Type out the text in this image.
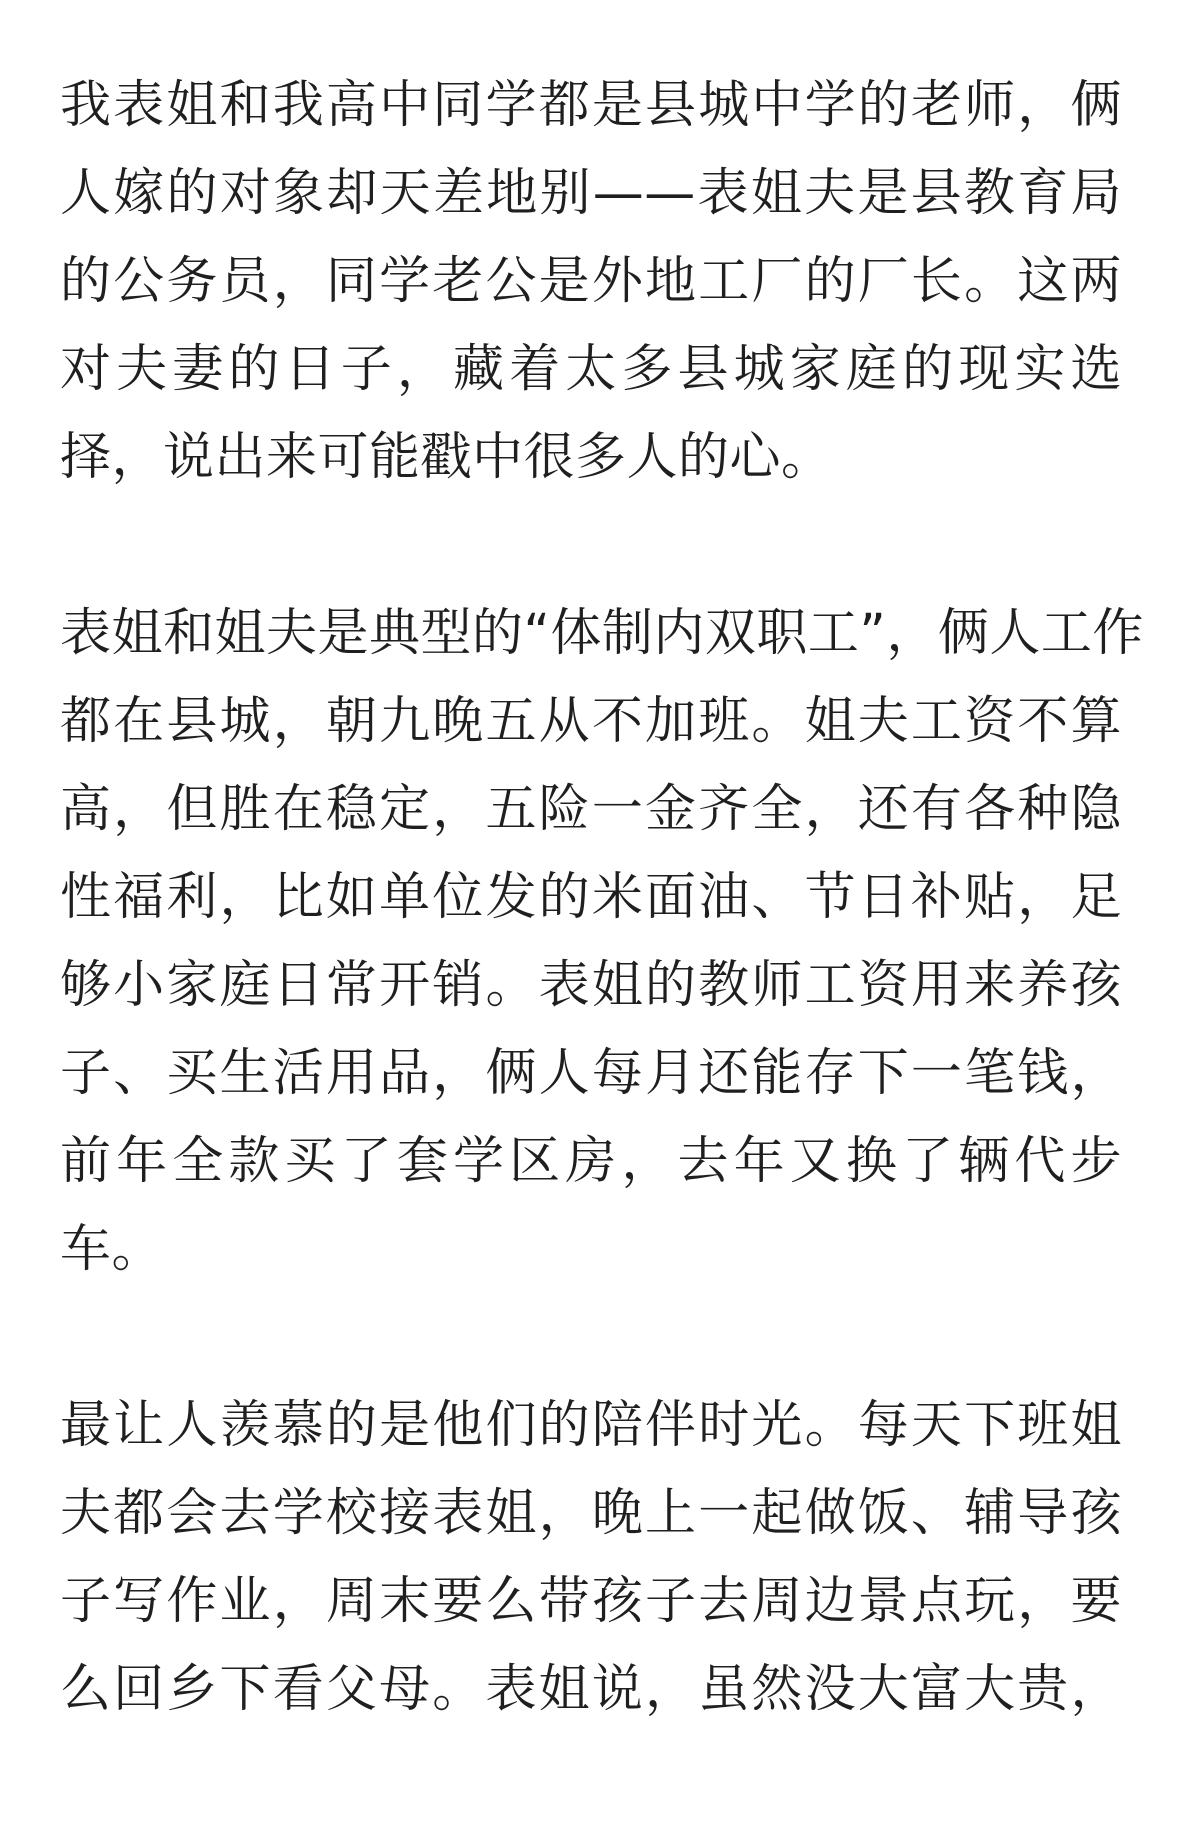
我表姐和我高中同学都是县城中学的老师，俩
人嫁的对象却天差地别——表姐夫是县教育局
的公务员，同学老公是外地工厂的厂长。这两
对夫妻的日子，藏着太多县城家庭的现实选
择，说出来可能戳中很多人的心。

表姐和姐夫是典型的“体制内双职工”，俩人工作
都在县城，朝九晚五从不加班。姐夫工资不算
高，但胜在稳定，五险一金齐全，还有各种隐
性福利，比如单位发的米面油、节日补贴，足
够小家庭日常开销。表姐的教师工资用来养孩
子、买生活用品，俩人每月还能存下一笔钱，
前年全款买了套学区房，去年又换了辆代步
车。

最让人羡慕的是他们的陪伴时光。每天下班姐
夫都会去学校接表姐，晚上一起做饭、辅导孩
子写作业，周末要么带孩子去周边景点玩，要
么回乡下看父母。表姐说，虽然没大富大贵，
